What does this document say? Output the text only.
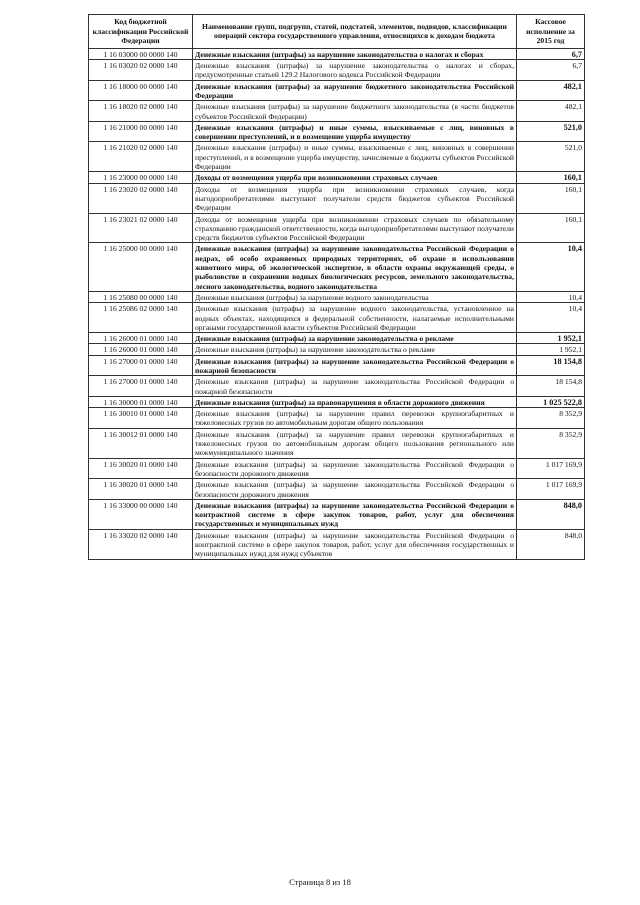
Код бюджетной классификации Российской Федерации	Наименование групп, подгрупп, статей, подстатей, элементов, подвидов, классификации операций сектора государственного управления, относящихся к доходам бюджета	Кассовое исполнение за 2015 год
1 16 03000 00 0000 140	Денежные взыскания (штрафы) за нарушение законодательства о налогах и сборах	6,7
1 16 03020 02 0000 140	Денежные взыскания (штрафы) за нарушение законодательства о налогах и сборах, предусмотренные статьей 129.2 Налогового кодекса Российской Федерации	6,7
1 16 18000 00 0000 140	Денежные взыскания (штрафы) за нарушение бюджетного законодательства Российской Федерации	482,1
1 16 18020 02 0000 140	Денежные взыскания (штрафы) за нарушение бюджетного законодательства (в части бюджетов субъектов Российской Федерации)	482,1
1 16 21000 00 0000 140	Денежные взыскания (штрафы) и иные суммы, взыскиваемые с лиц, виновных в совершении преступлений, и в возмещение ущерба имуществу	521,0
1 16 21020 02 0000 140	Денежные взыскания (штрафы) и иные суммы, взыскиваемые с лиц, виновных в совершении преступлений, и в возмещение ущерба имуществу, зачисляемые в бюджеты субъектов Российской Федерации	521,0
1 16 23000 00 0000 140	Доходы от возмещения ущерба при возникновении страховых случаев	160,1
1 16 23020 02 0000 140	Доходы от возмещения ущерба при возникновении страховых случаев, когда выгодоприобретателями выступают получатели средств бюджетов субъектов Российской Федерации	160,1
1 16 23021 02 0000 140	Доходы от возмещения ущерба при возникновении страховых случаев по обязательному страхованию гражданской ответственности, когда выгодоприобретателями выступают получатели средств бюджетов субъектов Российской Федерации	160,1
1 16 25000 00 0000 140	Денежные взыскания (штрафы) за нарушение законодательства Российской Федерации о недрах, об особо охраняемых природных территориях, об охране и использовании животного мира, об экологической экспертизе, в области охраны окружающей среды, о рыболовстве и сохранении водных биологических ресурсов, земельного законодательства, лесного законодательства, водного законодательства	10,4
1 16 25080 00 0000 140	Денежные взыскания (штрафы) за нарушение водного законодательства	10,4
1 16 25086 02 0000 140	Денежные взыскания (штрафы) за нарушение водного законодательства, установленное на водных объектах, находящихся в федеральной собственности, налагаемые исполнительными органами государственной власти субъектов Российской Федерации	10,4
1 16 26000 01 0000 140	Денежные взыскания (штрафы) за нарушение законодательства о рекламе	1 952,1
1 16 26000 01 0000 140	Денежные взыскания (штрафы) за нарушение законодательства о рекламе	1 952,1
1 16 27000 01 0000 140	Денежные взыскания (штрафы) за нарушение законодательства Российской Федерации о пожарной безопасности	18 154,8
1 16 27000 01 0000 140	Денежные взыскания (штрафы) за нарушение законодательства Российской Федерации о пожарной безопасности	18 154,8
1 16 30000 01 0000 140	Денежные взыскания (штрафы) за правонарушения в области дорожного движения	1 025 522,8
1 16 30010 01 0000 140	Денежные взыскания (штрафы) за нарушение правил перевозки крупногабаритных и тяжеловесных грузов по автомобильным дорогам общего пользования	8 352,9
1 16 30012 01 0000 140	Денежные взыскания (штрафы) за нарушение правил перевозки крупногабаритных и тяжеловесных грузов по автомобильным дорогам общего пользования регионального или межмуниципального значения	8 352,9
1 16 30020 01 0000 140	Денежные взыскания (штрафы) за нарушение законодательства Российской Федерации о безопасности дорожного движения	1 017 169,9
1 16 30020 01 0000 140	Денежные взыскания (штрафы) за нарушение законодательства Российской Федерации о безопасности дорожного движения	1 017 169,9
1 16 33000 00 0000 140	Денежные взыскания (штрафы) за нарушение законодательства Российской Федерации о контрактной системе в сфере закупок товаров, работ, услуг для обеспечения государственных и муниципальных нужд	848,0
1 16 33020 02 0000 140	Денежные взыскания (штрафы) за нарушение законодательства Российской Федерации о контрактной системе в сфере закупок товаров, работ, услуг для обеспечения государственных и муниципальных нужд для нужд субъектов	848,0
Страница 8 из 18
